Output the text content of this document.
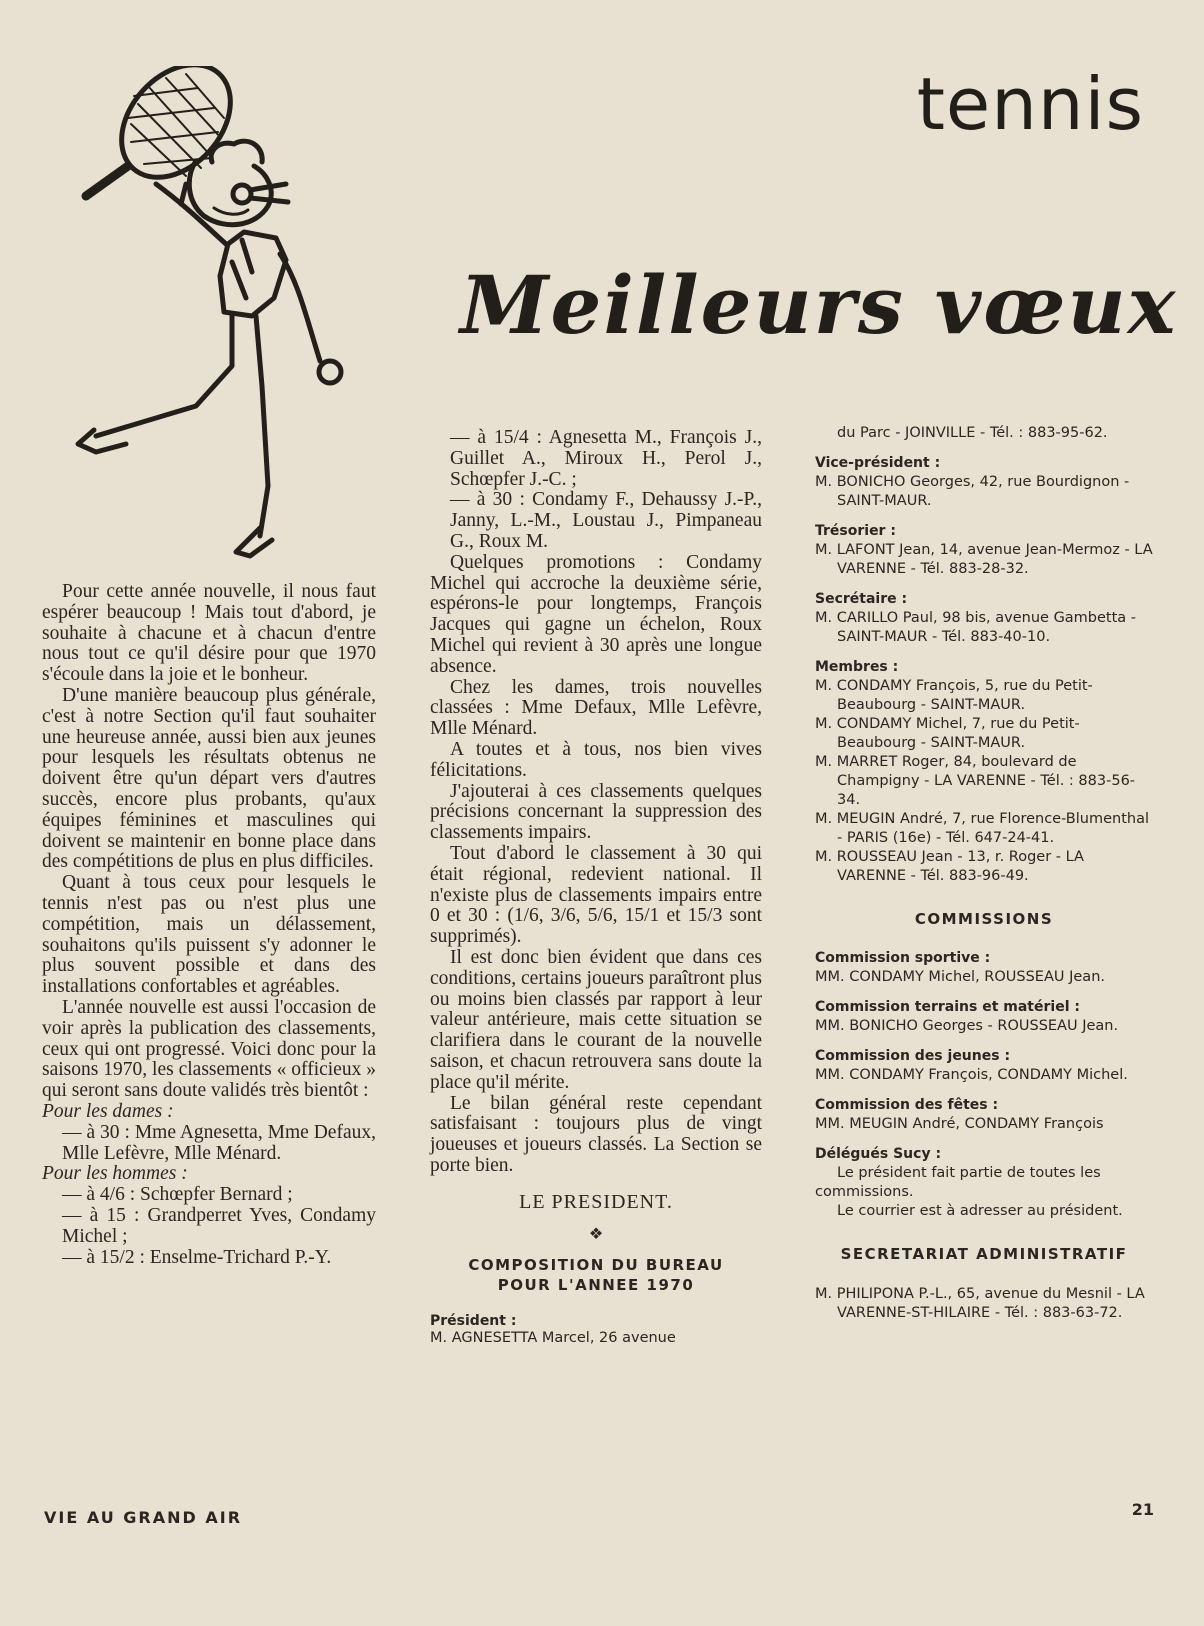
tennis
Meilleurs vœux

Pour cette année nouvelle, il nous faut espérer beaucoup ! Mais tout d'abord, je souhaite à chacune et à chacun d'entre nous tout ce qu'il désire pour que 1970 s'écoule dans la joie et le bonheur.

D'une manière beaucoup plus générale, c'est à notre Section qu'il faut souhaiter une heureuse année, aussi bien aux jeunes pour lesquels les résultats obtenus ne doivent être qu'un départ vers d'autres succès, encore plus probants, qu'aux équipes féminines et masculines qui doivent se maintenir en bonne place dans des compétitions de plus en plus difficiles.

Quant à tous ceux pour lesquels le tennis n'est pas ou n'est plus une compétition, mais un délassement, souhaitons qu'ils puissent s'y adonner le plus souvent possible et dans des installations confortables et agréables.

L'année nouvelle est aussi l'occasion de voir après la publication des classements, ceux qui ont progressé. Voici donc pour la saisons 1970, les classements « officieux » qui seront sans doute validés très bientôt :

Pour les dames :

— à 30 : Mme Agnesetta, Mme Defaux, Mlle Lefèvre, Mlle Ménard.

Pour les hommes :

— à 4/6 : Schœpfer Bernard ;

— à 15 : Grandperret Yves, Condamy Michel ;

— à 15/2 : Enselme-Trichard P.-Y.

— à 15/4 : Agnesetta M., François J., Guillet A., Miroux H., Perol J., Schœpfer J.-C. ;

— à 30 : Condamy F., Dehaussy J.-P., Janny, L.-M., Loustau J., Pimpaneau G., Roux M.

Quelques promotions : Condamy Michel qui accroche la deuxième série, espérons-le pour longtemps, François Jacques qui gagne un échelon, Roux Michel qui revient à 30 après une longue absence.

Chez les dames, trois nouvelles classées : Mme Defaux, Mlle Lefèvre, Mlle Ménard.

A toutes et à tous, nos bien vives félicitations.

J'ajouterai à ces classements quelques précisions concernant la suppression des classements impairs.

Tout d'abord le classement à 30 qui était régional, redevient national. Il n'existe plus de classements impairs entre 0 et 30 : (1/6, 3/6, 5/6, 15/1 et 15/3 sont supprimés).

Il est donc bien évident que dans ces conditions, certains joueurs paraîtront plus ou moins bien classés par rapport à leur valeur antérieure, mais cette situation se clarifiera dans le courant de la nouvelle saison, et chacun retrouvera sans doute la place qu'il mérite.

Le bilan général reste cependant satisfaisant : toujours plus de vingt joueuses et joueurs classés. La Section se porte bien.

LE PRESIDENT.

❖

COMPOSITION DU BUREAU
POUR L'ANNEE 1970

Président :

M. AGNESETTA Marcel, 26 avenue

du Parc - JOINVILLE - Tél. : 883-95-62.

Vice-président :

M. BONICHO Georges, 42, rue Bourdignon - SAINT-MAUR.

Trésorier :

M. LAFONT Jean, 14, avenue Jean-Mermoz - LA VARENNE - Tél. 883-28-32.

Secrétaire :

M. CARILLO Paul, 98 bis, avenue Gambetta - SAINT-MAUR - Tél. 883-40-10.

Membres :

M. CONDAMY François, 5, rue du Petit-Beaubourg - SAINT-MAUR.

M. CONDAMY Michel, 7, rue du Petit-Beaubourg - SAINT-MAUR.

M. MARRET Roger, 84, boulevard de Champigny - LA VARENNE - Tél. : 883-56-34.

M. MEUGIN André, 7, rue Florence-Blumenthal - PARIS (16e) - Tél. 647-24-41.

M. ROUSSEAU Jean - 13, r. Roger - LA VARENNE - Tél. 883-96-49.

COMMISSIONS

Commission sportive :

MM. CONDAMY Michel, ROUSSEAU Jean.

Commission terrains et matériel :

MM. BONICHO Georges - ROUSSEAU Jean.

Commission des jeunes :

MM. CONDAMY François, CONDAMY Michel.

Commission des fêtes :

MM. MEUGIN André, CONDAMY François

Délégués Sucy :

Le président fait partie de toutes les commissions.

Le courrier est à adresser au président.

SECRETARIAT ADMINISTRATIF

M. PHILIPONA P.-L., 65, avenue du Mesnil - LA VARENNE-ST-HILAIRE - Tél. : 883-63-72.

VIE AU GRAND AIR	21
